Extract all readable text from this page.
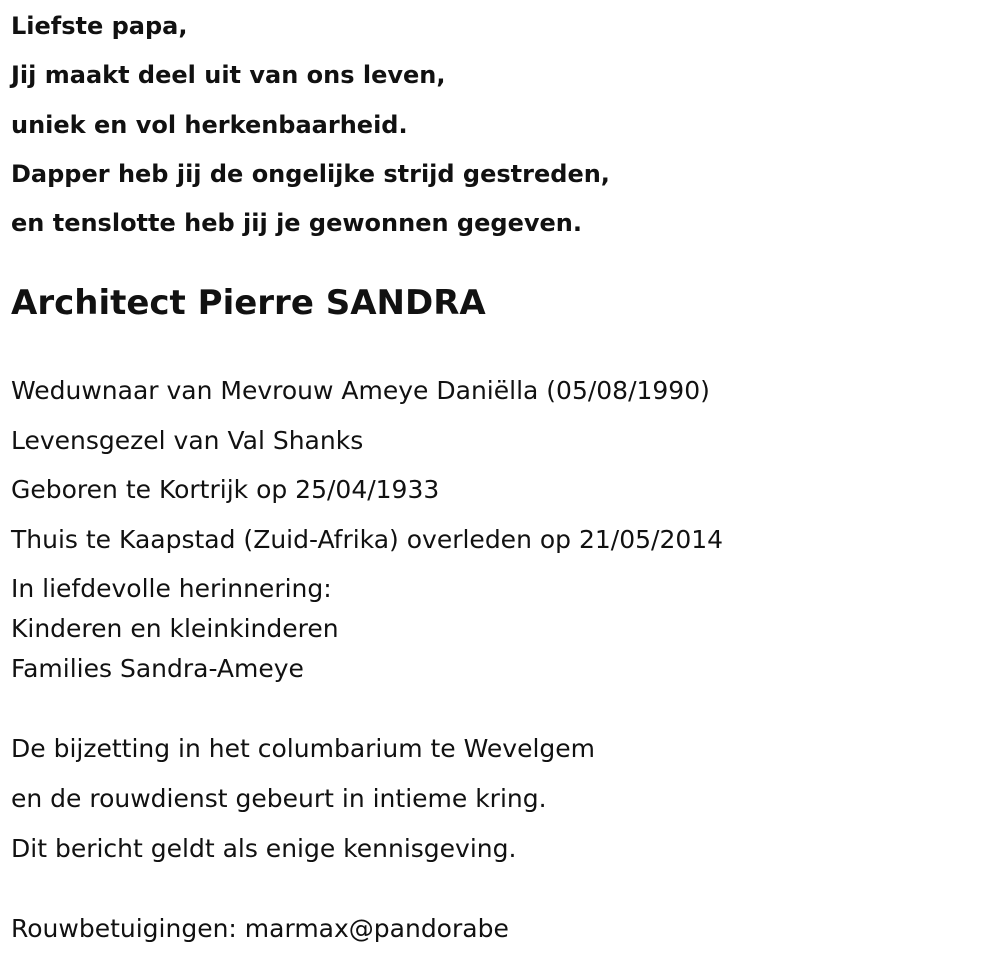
Liefste papa,
Jij maakt deel uit van ons leven,
uniek en vol herkenbaarheid.
Dapper heb jij de ongelijke strijd gestreden,
en tenslotte heb jij je gewonnen gegeven.
Architect Pierre SANDRA
Weduwnaar van Mevrouw Ameye Daniëlla (05/08/1990)
Levensgezel van Val Shanks
Geboren te Kortrijk op 25/04/1933
Thuis te Kaapstad (Zuid-Afrika) overleden op 21/05/2014
In liefdevolle herinnering:
Kinderen en kleinkinderen
Families Sandra-Ameye
De bijzetting in het columbarium te Wevelgem
en de rouwdienst gebeurt in intieme kring.
Dit bericht geldt als enige kennisgeving.
Rouwbetuigingen: marmax@pandorabe
